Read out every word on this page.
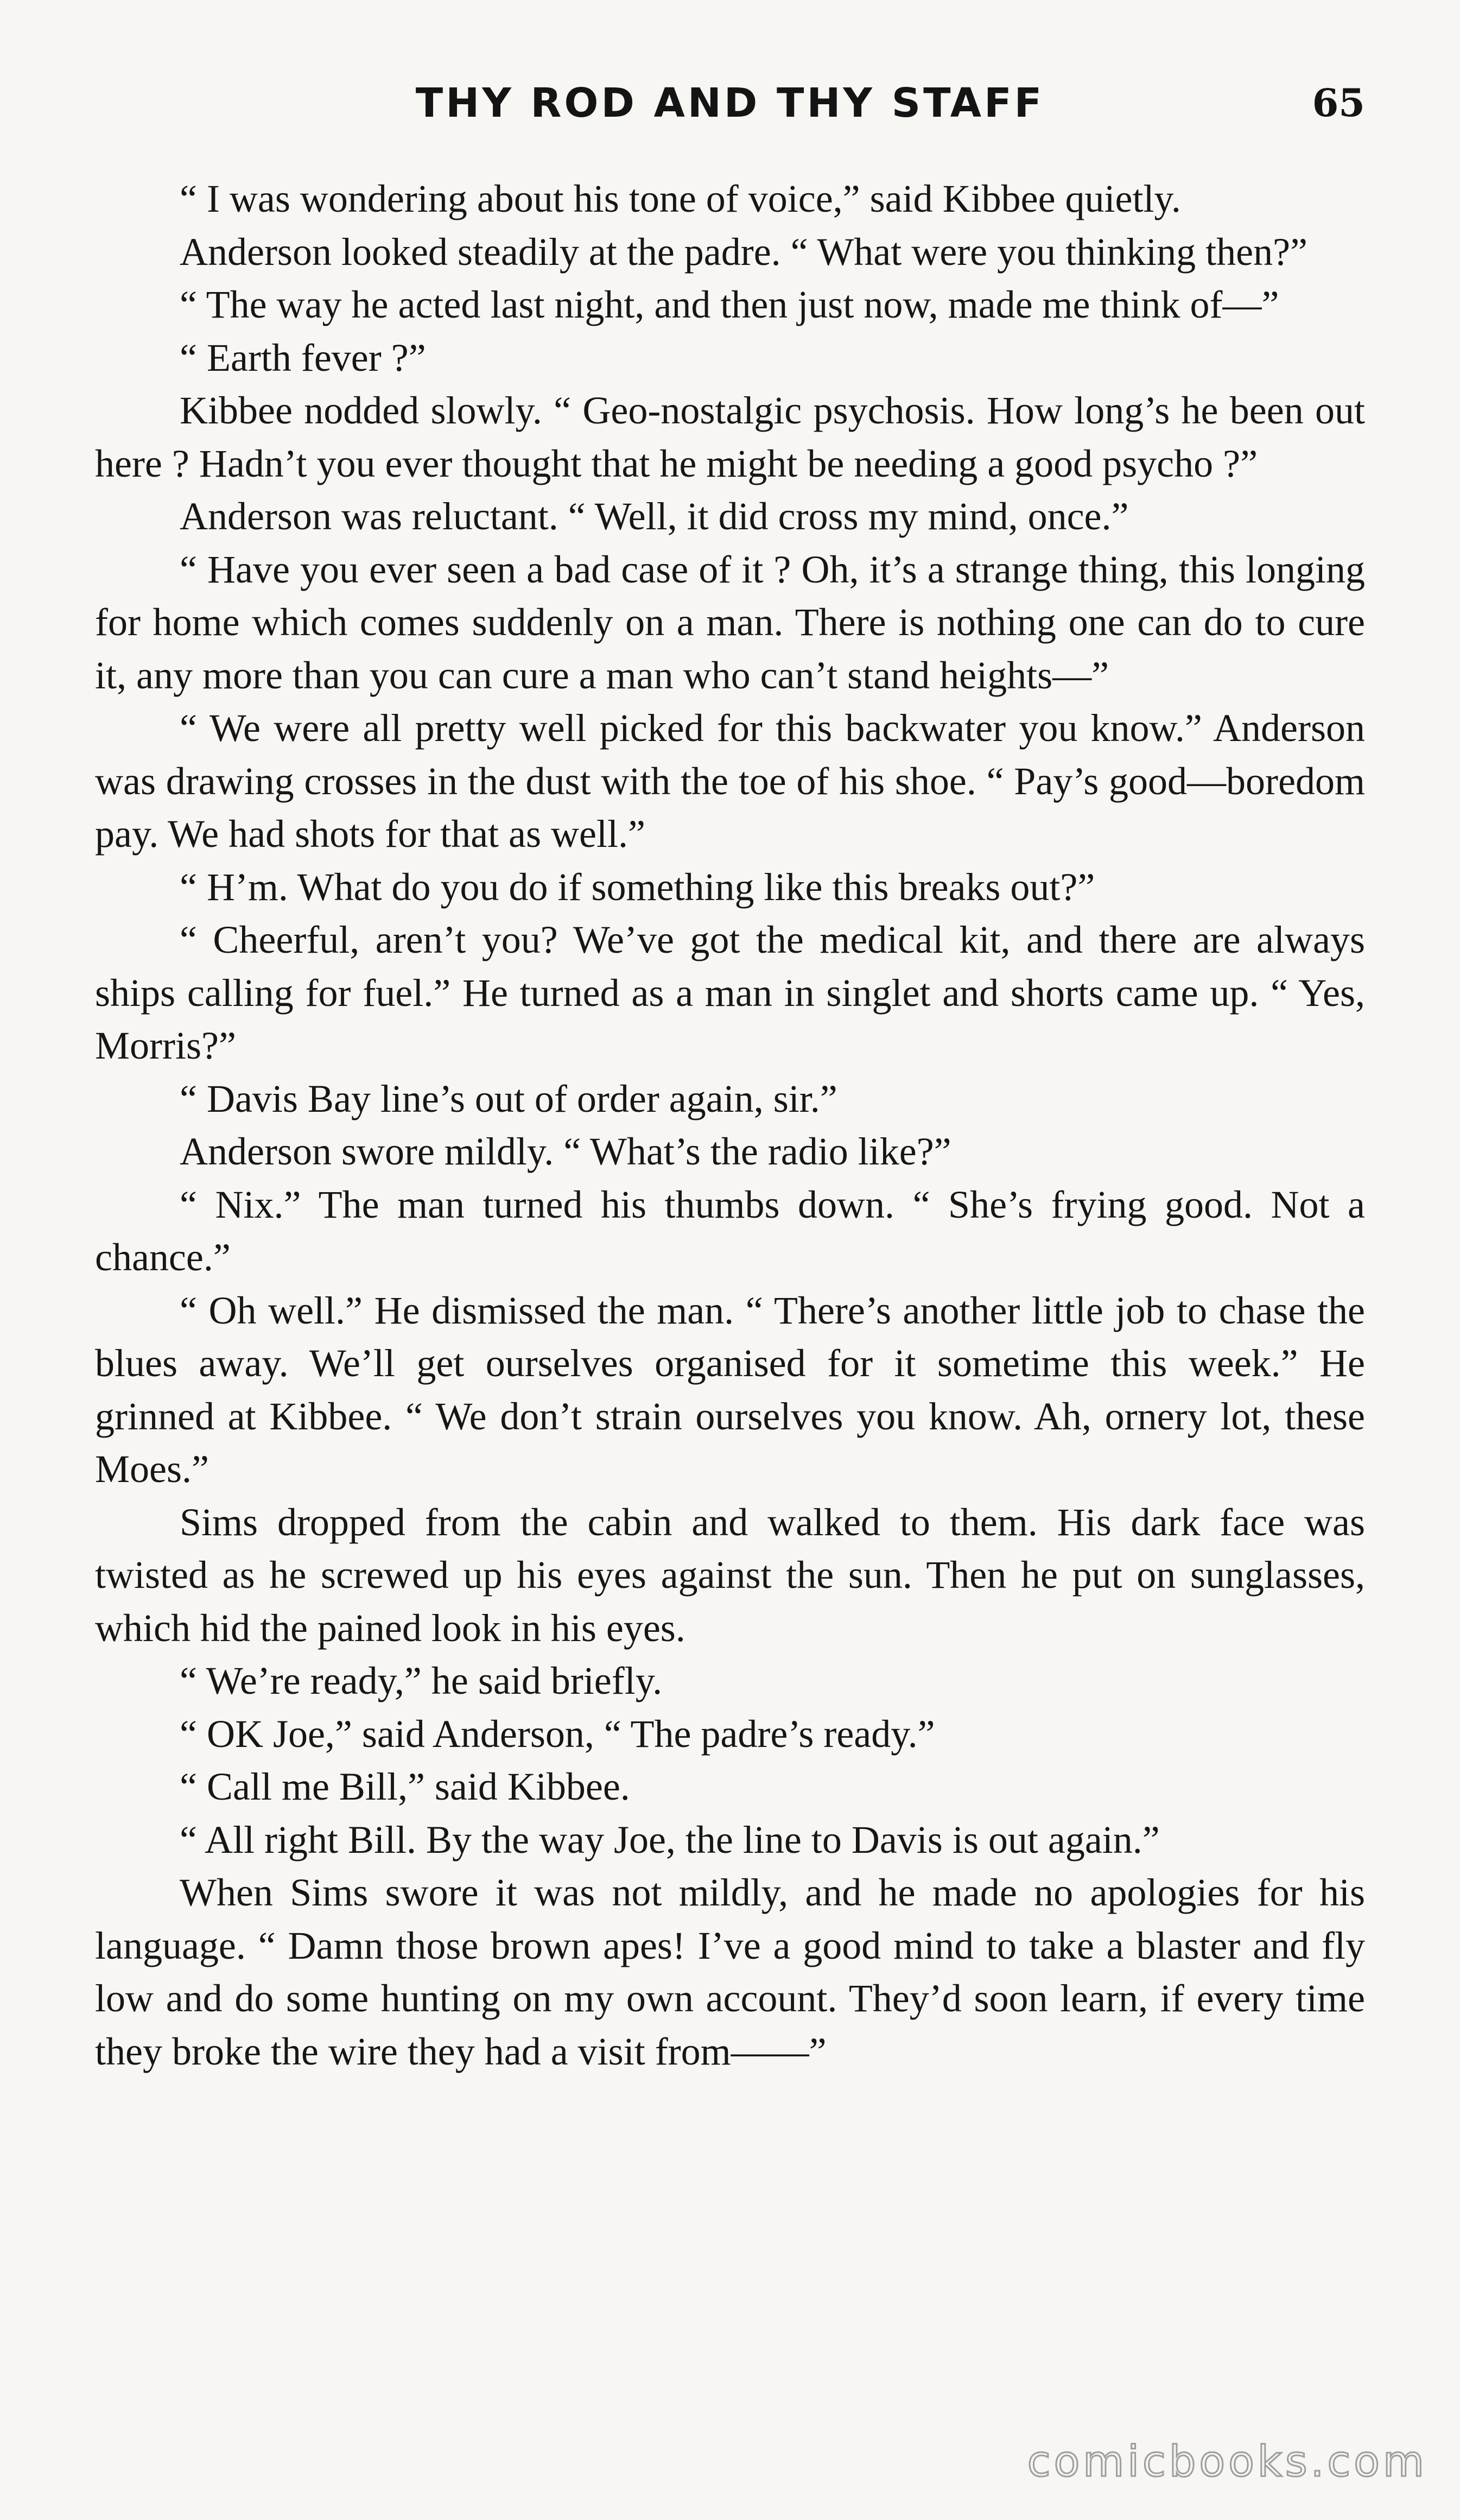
THY ROD AND THY STAFF	65

“ I was wondering about his tone of voice,” said Kibbee quietly.

Anderson looked steadily at the padre. “ What were you thinking then?”

“ The way he acted last night, and then just now, made me think of—”

“ Earth fever ?”

Kibbee nodded slowly. “ Geo-nostalgic psychosis. How long’s he been out here ? Hadn’t you ever thought that he might be needing a good psycho ?”

Anderson was reluctant. “ Well, it did cross my mind, once.”

“ Have you ever seen a bad case of it ? Oh, it’s a strange thing, this longing for home which comes suddenly on a man. There is nothing one can do to cure it, any more than you can cure a man who can’t stand heights—”

“ We were all pretty well picked for this backwater you know.” Anderson was drawing crosses in the dust with the toe of his shoe. “ Pay’s good—boredom pay. We had shots for that as well.”

“ H’m. What do you do if something like this breaks out?”

“ Cheerful, aren’t you? We’ve got the medical kit, and there are always ships calling for fuel.” He turned as a man in singlet and shorts came up. “ Yes, Morris?”

“ Davis Bay line’s out of order again, sir.”

Anderson swore mildly. “ What’s the radio like?”

“ Nix.” The man turned his thumbs down. “ She’s frying good. Not a chance.”

“ Oh well.” He dismissed the man. “ There’s another little job to chase the blues away. We’ll get ourselves organised for it sometime this week.” He grinned at Kibbee. “ We don’t strain ourselves you know. Ah, ornery lot, these Moes.”

Sims dropped from the cabin and walked to them. His dark face was twisted as he screwed up his eyes against the sun. Then he put on sunglasses, which hid the pained look in his eyes.

“ We’re ready,” he said briefly.

“ OK Joe,” said Anderson, “ The padre’s ready.”

“ Call me Bill,” said Kibbee.

“ All right Bill. By the way Joe, the line to Davis is out again.”

When Sims swore it was not mildly, and he made no apologies for his language. “ Damn those brown apes! I’ve a good mind to take a blaster and fly low and do some hunting on my own account. They’d soon learn, if every time they broke the wire they had a visit from——”

comicbooks.com
